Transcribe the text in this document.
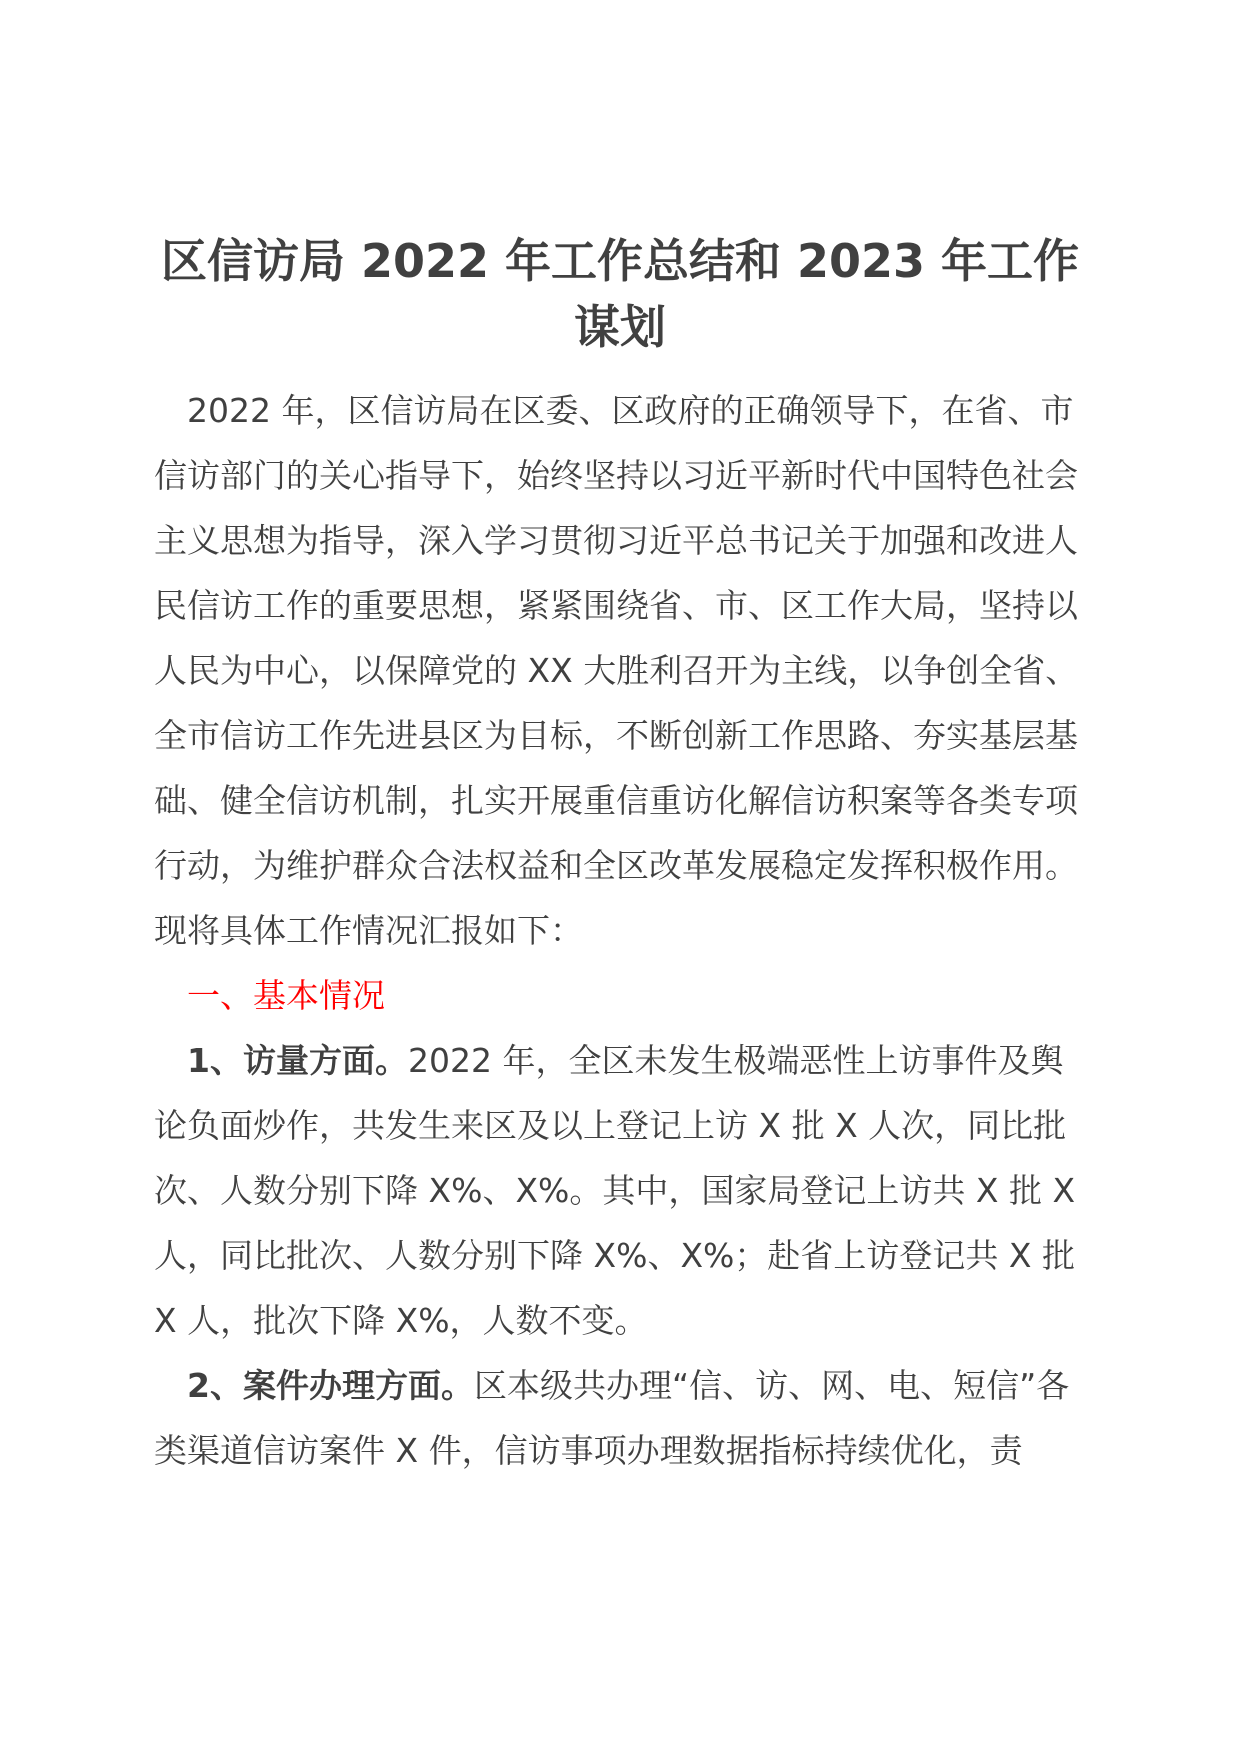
区信访局 2022 年工作总结和 2023 年工作
谋划

2022 年，区信访局在区委、区政府的正确领导下，在省、市信访部门的关心指导下，始终坚持以习近平新时代中国特色社会主义思想为指导，深入学习贯彻习近平总书记关于加强和改进人民信访工作的重要思想，紧紧围绕省、市、区工作大局，坚持以人民为中心，以保障党的 XX 大胜利召开为主线，以争创全省、全市信访工作先进县区为目标，不断创新工作思路、夯实基层基础、健全信访机制，扎实开展重信重访化解信访积案等各类专项行动，为维护群众合法权益和全区改革发展稳定发挥积极作用。现将具体工作情况汇报如下：

一、基本情况

1、访量方面。2022 年，全区未发生极端恶性上访事件及舆论负面炒作，共发生来区及以上登记上访 X 批 X 人次，同比批次、人数分别下降 X%、X%。其中，国家局登记上访共 X 批 X 人，同比批次、人数分别下降 X%、X%；赴省上访登记共 X 批 X 人，批次下降 X%，人数不变。

2、案件办理方面。区本级共办理“信、访、网、电、短信”各类渠道信访案件 X 件，信访事项办理数据指标持续优化，责
